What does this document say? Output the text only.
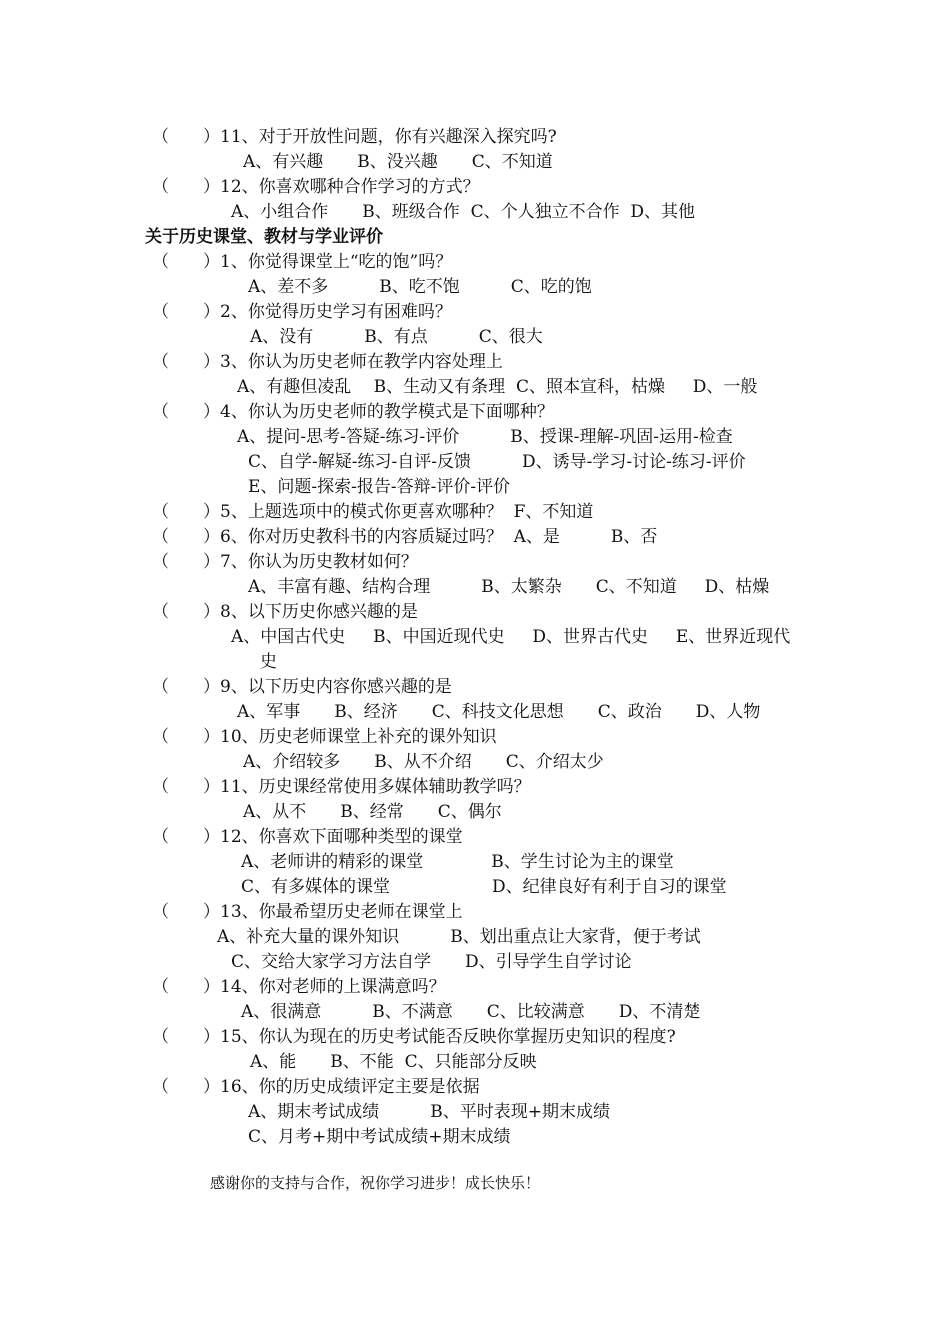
（　　）11、对于开放性问题，你有兴趣深入探究吗?
A、有兴趣　　B、没兴趣　　C、不知道
（　　）12、你喜欢哪种合作学习的方式？
A、小组合作　　B、班级合作  C、个人独立不合作  D、其他
关于历史课堂、教材与学业评价
（　　）1、你觉得课堂上“吃的饱”吗？
A、差不多　　　B、吃不饱　　　C、吃的饱
（　　）2、你觉得历史学习有困难吗？
A、没有　　　B、有点　　　C、很大
（　　）3、你认为历史老师在教学内容处理上
A、有趣但凌乱　 B、生动又有条理  C、照本宣科，枯燥　  D、一般
（　　）4、你认为历史老师的教学模式是下面哪种？
A、提问-思考-答疑-练习-评价　　　B、授课-理解-巩固-运用-检查
C、自学-解疑-练习-自评-反馈　　　D、诱导-学习-讨论-练习-评价
E、问题-探索-报告-答辩-评价-评价
（　　）5、上题选项中的模式你更喜欢哪种？  F、不知道
（　　）6、你对历史教科书的内容质疑过吗？  A、是　　　B、否
（　　）7、你认为历史教材如何？
A、丰富有趣、结构合理　　　B、太繁杂　　C、不知道　  D、枯燥
（　　）8、以下历史你感兴趣的是
A、中国古代史　  B、中国近现代史　  D、世界古代史　  E、世界近现代
史
（　　）9、以下历史内容你感兴趣的是
A、军事　　B、经济　　C、科技文化思想　　C、政治　　D、人物
（　　）10、历史老师课堂上补充的课外知识
A、介绍较多　　B、从不介绍　　C、介绍太少
（　　）11、历史课经常使用多媒体辅助教学吗？
A、从不　　B、经常　　C、偶尔
（　　）12、你喜欢下面哪种类型的课堂
A、老师讲的精彩的课堂　　　　B、学生讨论为主的课堂
C、有多媒体的课堂　　　　　　D、纪律良好有利于自习的课堂
（　　）13、你最希望历史老师在课堂上
A、补充大量的课外知识　　　B、划出重点让大家背，便于考试
C、交给大家学习方法自学　　D、引导学生自学讨论
（　　）14、你对老师的上课满意吗？
A、很满意　　　B、不满意　　C、比较满意　　D、不清楚
（　　）15、你认为现在的历史考试能否反映你掌握历史知识的程度?
A、能　　B、不能  C、只能部分反映
（　　）16、你的历史成绩评定主要是依据
A、期末考试成绩　　　B、平时表现+期末成绩
C、月考+期中考试成绩+期末成绩
感谢你的支持与合作，祝你学习进步！成长快乐！
